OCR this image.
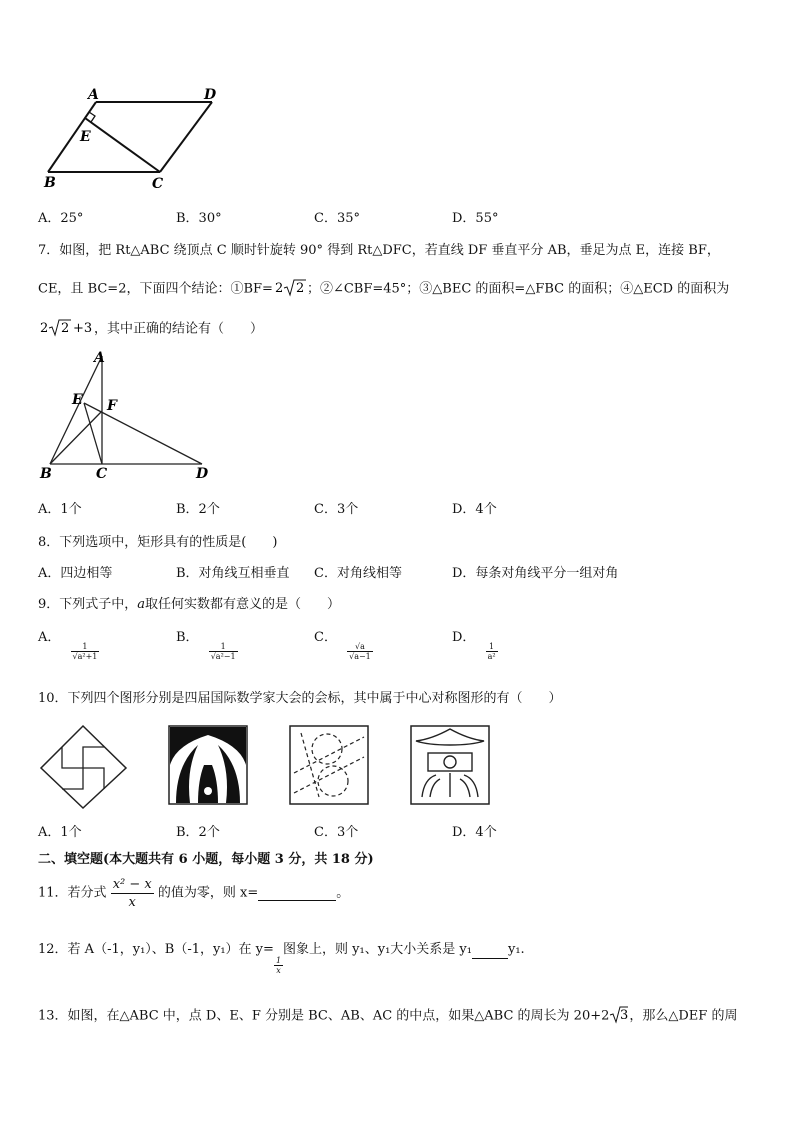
A	D
E
B	C
A．25°	B．30°	C．35°	D．55°
7．如图，把 Rt△ABC 绕顶点 C 顺时针旋转 90° 得到 Rt△DFC，若直线 DF 垂直平分 AB，垂足为点 E，连接 BF，
CE，且 BC=2，下面四个结论：①BF= 2 2 ；②∠CBF=45°；③△BEC 的面积=△FBC 的面积；④△ECD 的面积为
2 2 +3 ，其中正确的结论有（　　）
A
E F
B	C	D
A．1个	B．2个	C．3个	D．4个
8．下列选项中，矩形具有的性质是(　　)
A．四边相等	B．对角线互相垂直 C．对角线相等	D．每条对角线平分一组对角
9．下列式子中，a取任何实数都有意义的是（　　）
A．
$\frac{1}{\text{√a²+1}}$
B．
$\frac{1}{\text{√a²−1}}$
C．
$\frac{√a}{√a-1}$
D．
$\frac{1}{\text{a²}}$
10．下列四个图形分别是四届国际数学家大会的会标，其中属于中心对称图形的有（　　）
A．1个	B．2个	C．3个	D．4个
二、填空题(本大题共有 6 小题，每小题 3 分，共 18 分)
11．若分式 $\frac{\text{x² − x}}{x}$ 的值为零，则 x=	。
12．若 A（-1，y₁）、B（-1，y₁）在 y=
$\frac{1}{x}$
图象上，则 y₁、y₁大小关系是 y₁	y₁.
13．如图，在△ABC 中，点 D、E、F 分别是 BC、AB、AC 的中点，如果△ABC 的周长为 20+2 3 ，那么△DEF 的周
